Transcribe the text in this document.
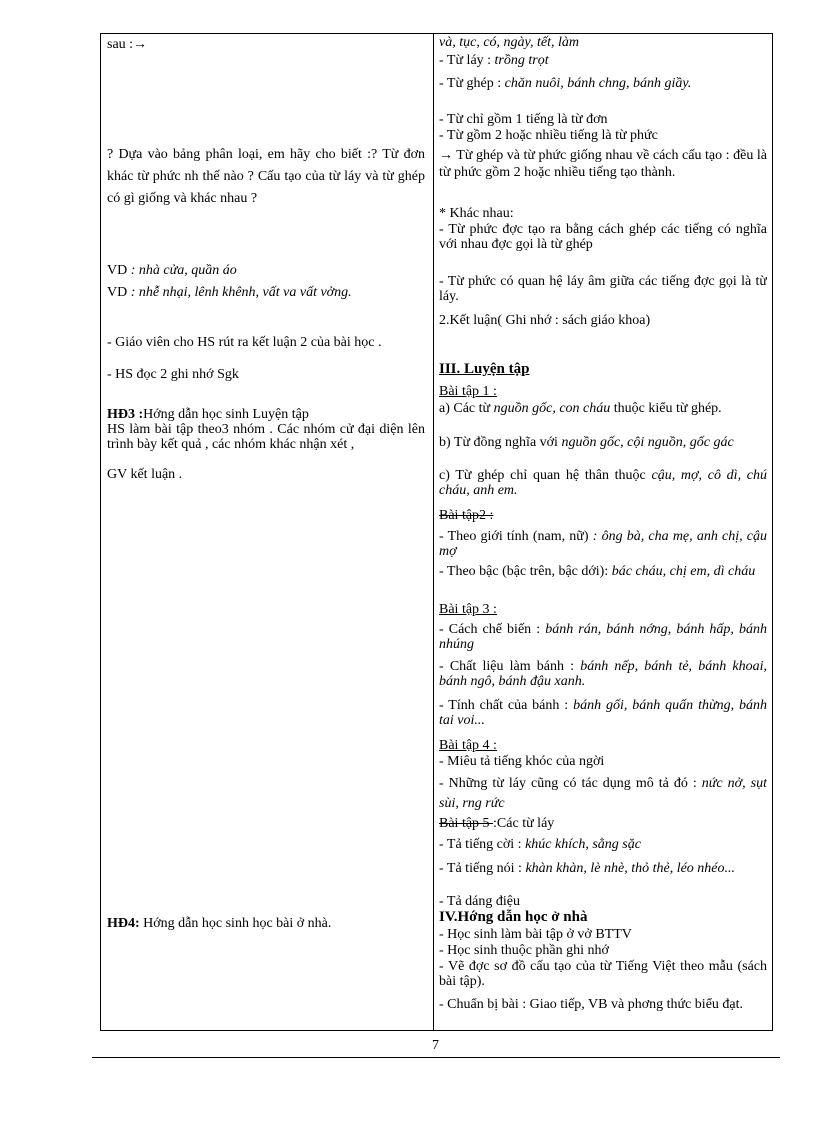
sau :→
? Dựa vào bảng phân loại, em hãy cho biết :? Từ đơn khác từ phức nh thế nào ? Cấu tạo của từ láy và từ ghép có gì giống và khác nhau ?
VD : nhà cửa, quần áo
VD : nhễ nhại, lênh khênh, vất va vất vởng.
- Giáo viên cho HS rút ra kết luận 2 của bài học .
- HS đọc 2 ghi nhớ Sgk
HĐ3 :Hớng dẫn học sinh Luyện tập
HS làm bài tập theo3 nhóm . Các nhóm cử đại diện lên trình bày kết quả , các nhóm khác nhận xét ,
GV kết luận .
HĐ4: Hớng dẫn học sinh học bài ở nhà.
và, tục, có, ngày, tết, làm
- Từ láy : trồng trọt
- Từ ghép : chăn nuôi, bánh chng, bánh giầy.
- Từ chỉ gồm 1 tiếng là từ đơn
- Từ gồm 2 hoặc nhiều tiếng là từ phức
→ Từ ghép và từ phức giống nhau về cách cấu tạo : đều là từ phức gồm 2 hoặc nhiều tiếng tạo thành.
* Khác nhau:
- Từ phức đợc tạo ra bằng cách ghép các tiếng có nghĩa với nhau đợc gọi là từ ghép
- Từ phức có quan hệ láy âm giữa các tiếng đợc gọi là từ láy.
2.Kết luận( Ghi nhớ : sách giáo khoa)
III. Luyện tập
Bài tập 1 :
a) Các từ nguồn gốc, con cháu thuộc kiểu từ ghép.
b) Từ đồng nghĩa với nguồn gốc, cội nguồn, gốc gác
c) Từ ghép chỉ quan hệ thân thuộc cậu, mợ, cô dì, chú cháu, anh em.
Bài tập2 :
- Theo giới tính (nam, nữ) : ông bà, cha mẹ, anh chị, cậu mợ
- Theo bậc (bậc trên, bậc dới): bác cháu, chị em, dì cháu
Bài tập 3 :
- Cách chế biến : bánh rán, bánh nớng, bánh hấp, bánh nhúng
- Chất liệu làm bánh : bánh nếp, bánh tẻ, bánh khoai, bánh ngô, bánh đậu xanh.
- Tính chất của bánh : bánh gối, bánh quấn thừng, bánh tai voi...
Bài tập 4 :
- Miêu tả tiếng khóc của ngời
- Những từ láy cũng có tác dụng mô tả đó : nức nở, sụt sùi, rng rức
Bài tập 5 :Các từ láy
- Tả tiếng cời : khúc khích, sằng sặc
- Tả tiếng nói : khàn khàn, lè nhè, thỏ thẻ, léo nhéo...
- Tả dáng điệu
IV.Hớng dẫn học ở nhà
- Học sinh làm bài tập ở vở BTTV
- Học sinh thuộc phần ghi nhớ
- Vẽ đợc sơ đồ cấu tạo của từ Tiếng Việt theo mẫu (sách bài tập).
- Chuẩn bị bài : Giao tiếp, VB và phơng thức biểu đạt.
7
